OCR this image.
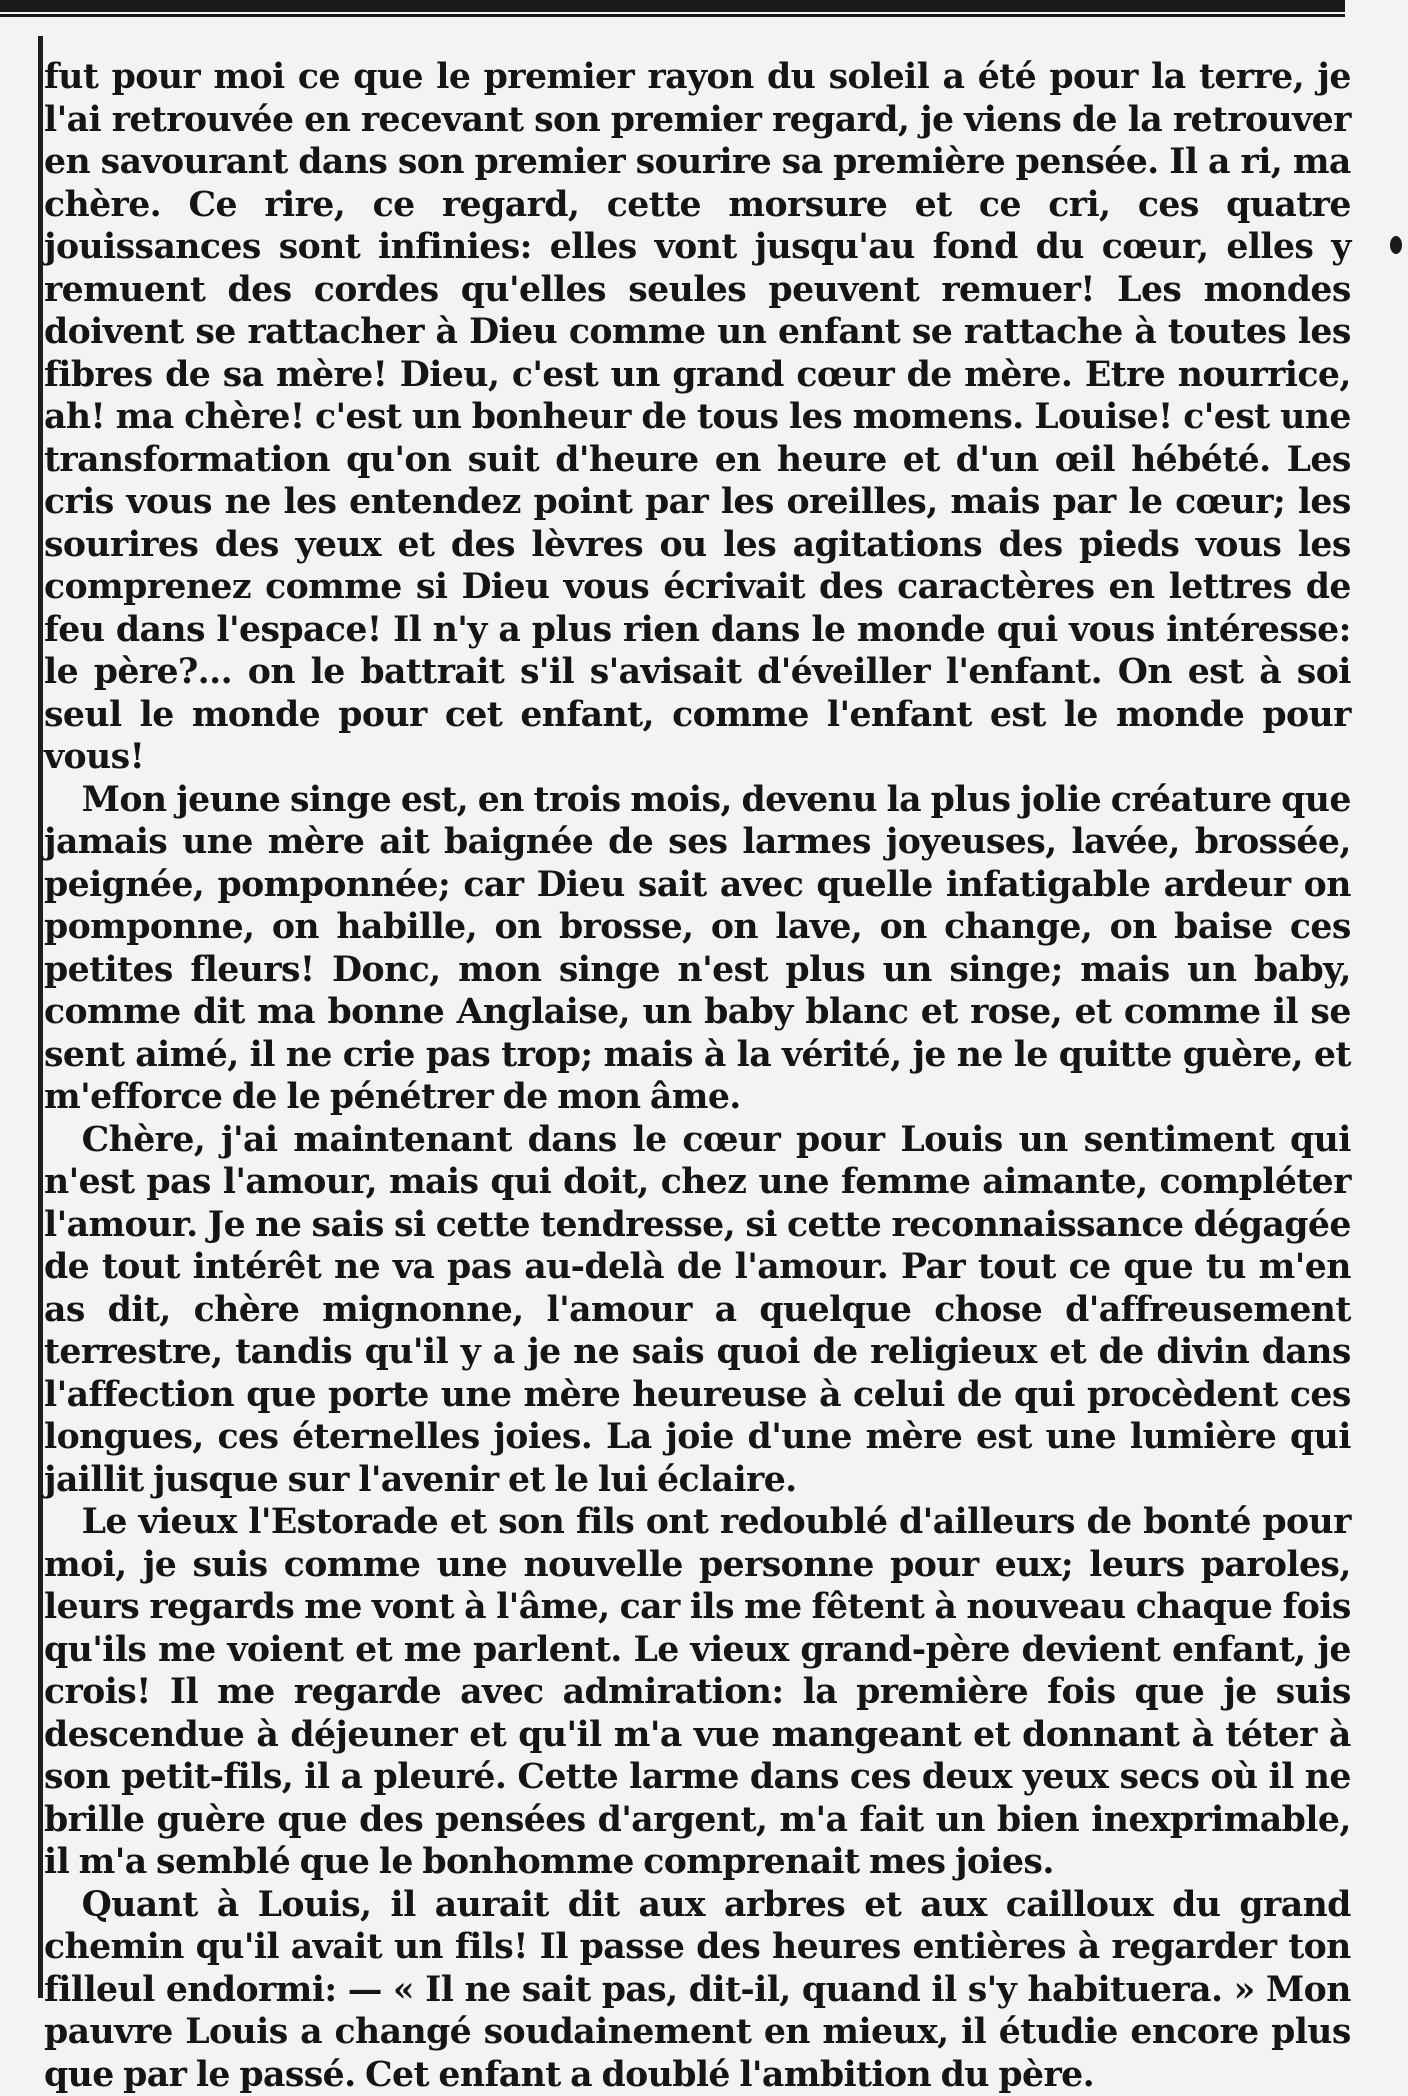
fut pour moi ce que le premier rayon du soleil a été pour la terre, je l'ai retrouvée en recevant son premier regard, je viens de la retrouver en savourant dans son premier sourire sa première pensée. Il a ri, ma chère. Ce rire, ce regard, cette morsure et ce cri, ces quatre jouissances sont infinies: elles vont jusqu'au fond du cœur, elles y remuent des cordes qu'elles seules peuvent remuer! Les mondes doivent se rattacher à Dieu comme un enfant se rattache à toutes les fibres de sa mère! Dieu, c'est un grand cœur de mère. Etre nourrice, ah! ma chère! c'est un bonheur de tous les momens. Louise! c'est une transformation qu'on suit d'heure en heure et d'un œil hébété. Les cris vous ne les entendez point par les oreilles, mais par le cœur; les sourires des yeux et des lèvres ou les agitations des pieds vous les comprenez comme si Dieu vous écrivait des caractères en lettres de feu dans l'espace! Il n'y a plus rien dans le monde qui vous intéresse: le père?... on le battrait s'il s'avisait d'éveiller l'enfant. On est à soi seul le monde pour cet enfant, comme l'enfant est le monde pour vous!

Mon jeune singe est, en trois mois, devenu la plus jolie créature que jamais une mère ait baignée de ses larmes joyeuses, lavée, brossée, peignée, pomponnée; car Dieu sait avec quelle infatigable ardeur on pomponne, on habille, on brosse, on lave, on change, on baise ces petites fleurs! Donc, mon singe n'est plus un singe; mais un baby, comme dit ma bonne Anglaise, un baby blanc et rose, et comme il se sent aimé, il ne crie pas trop; mais à la vérité, je ne le quitte guère, et m'efforce de le pénétrer de mon âme.

Chère, j'ai maintenant dans le cœur pour Louis un sentiment qui n'est pas l'amour, mais qui doit, chez une femme aimante, compléter l'amour. Je ne sais si cette tendresse, si cette reconnaissance dégagée de tout intérêt ne va pas au-delà de l'amour. Par tout ce que tu m'en as dit, chère mignonne, l'amour a quelque chose d'affreusement terrestre, tandis qu'il y a je ne sais quoi de religieux et de divin dans l'affection que porte une mère heureuse à celui de qui procèdent ces longues, ces éternelles joies. La joie d'une mère est une lumière qui jaillit jusque sur l'avenir et le lui éclaire.

Le vieux l'Estorade et son fils ont redoublé d'ailleurs de bonté pour moi, je suis comme une nouvelle personne pour eux; leurs paroles, leurs regards me vont à l'âme, car ils me fêtent à nouveau chaque fois qu'ils me voient et me parlent. Le vieux grand-père devient enfant, je crois! Il me regarde avec admiration: la première fois que je suis descendue à déjeuner et qu'il m'a vue mangeant et donnant à téter à son petit-fils, il a pleuré. Cette larme dans ces deux yeux secs où il ne brille guère que des pensées d'argent, m'a fait un bien inexprimable, il m'a semblé que le bonhomme comprenait mes joies.

Quant à Louis, il aurait dit aux arbres et aux cailloux du grand chemin qu'il avait un fils! Il passe des heures entières à regarder ton filleul endormi: — « Il ne sait pas, dit-il, quand il s'y habituera. » Mon pauvre Louis a changé soudainement en mieux, il étudie encore plus que par le passé. Cet enfant a doublé l'ambition du père.
